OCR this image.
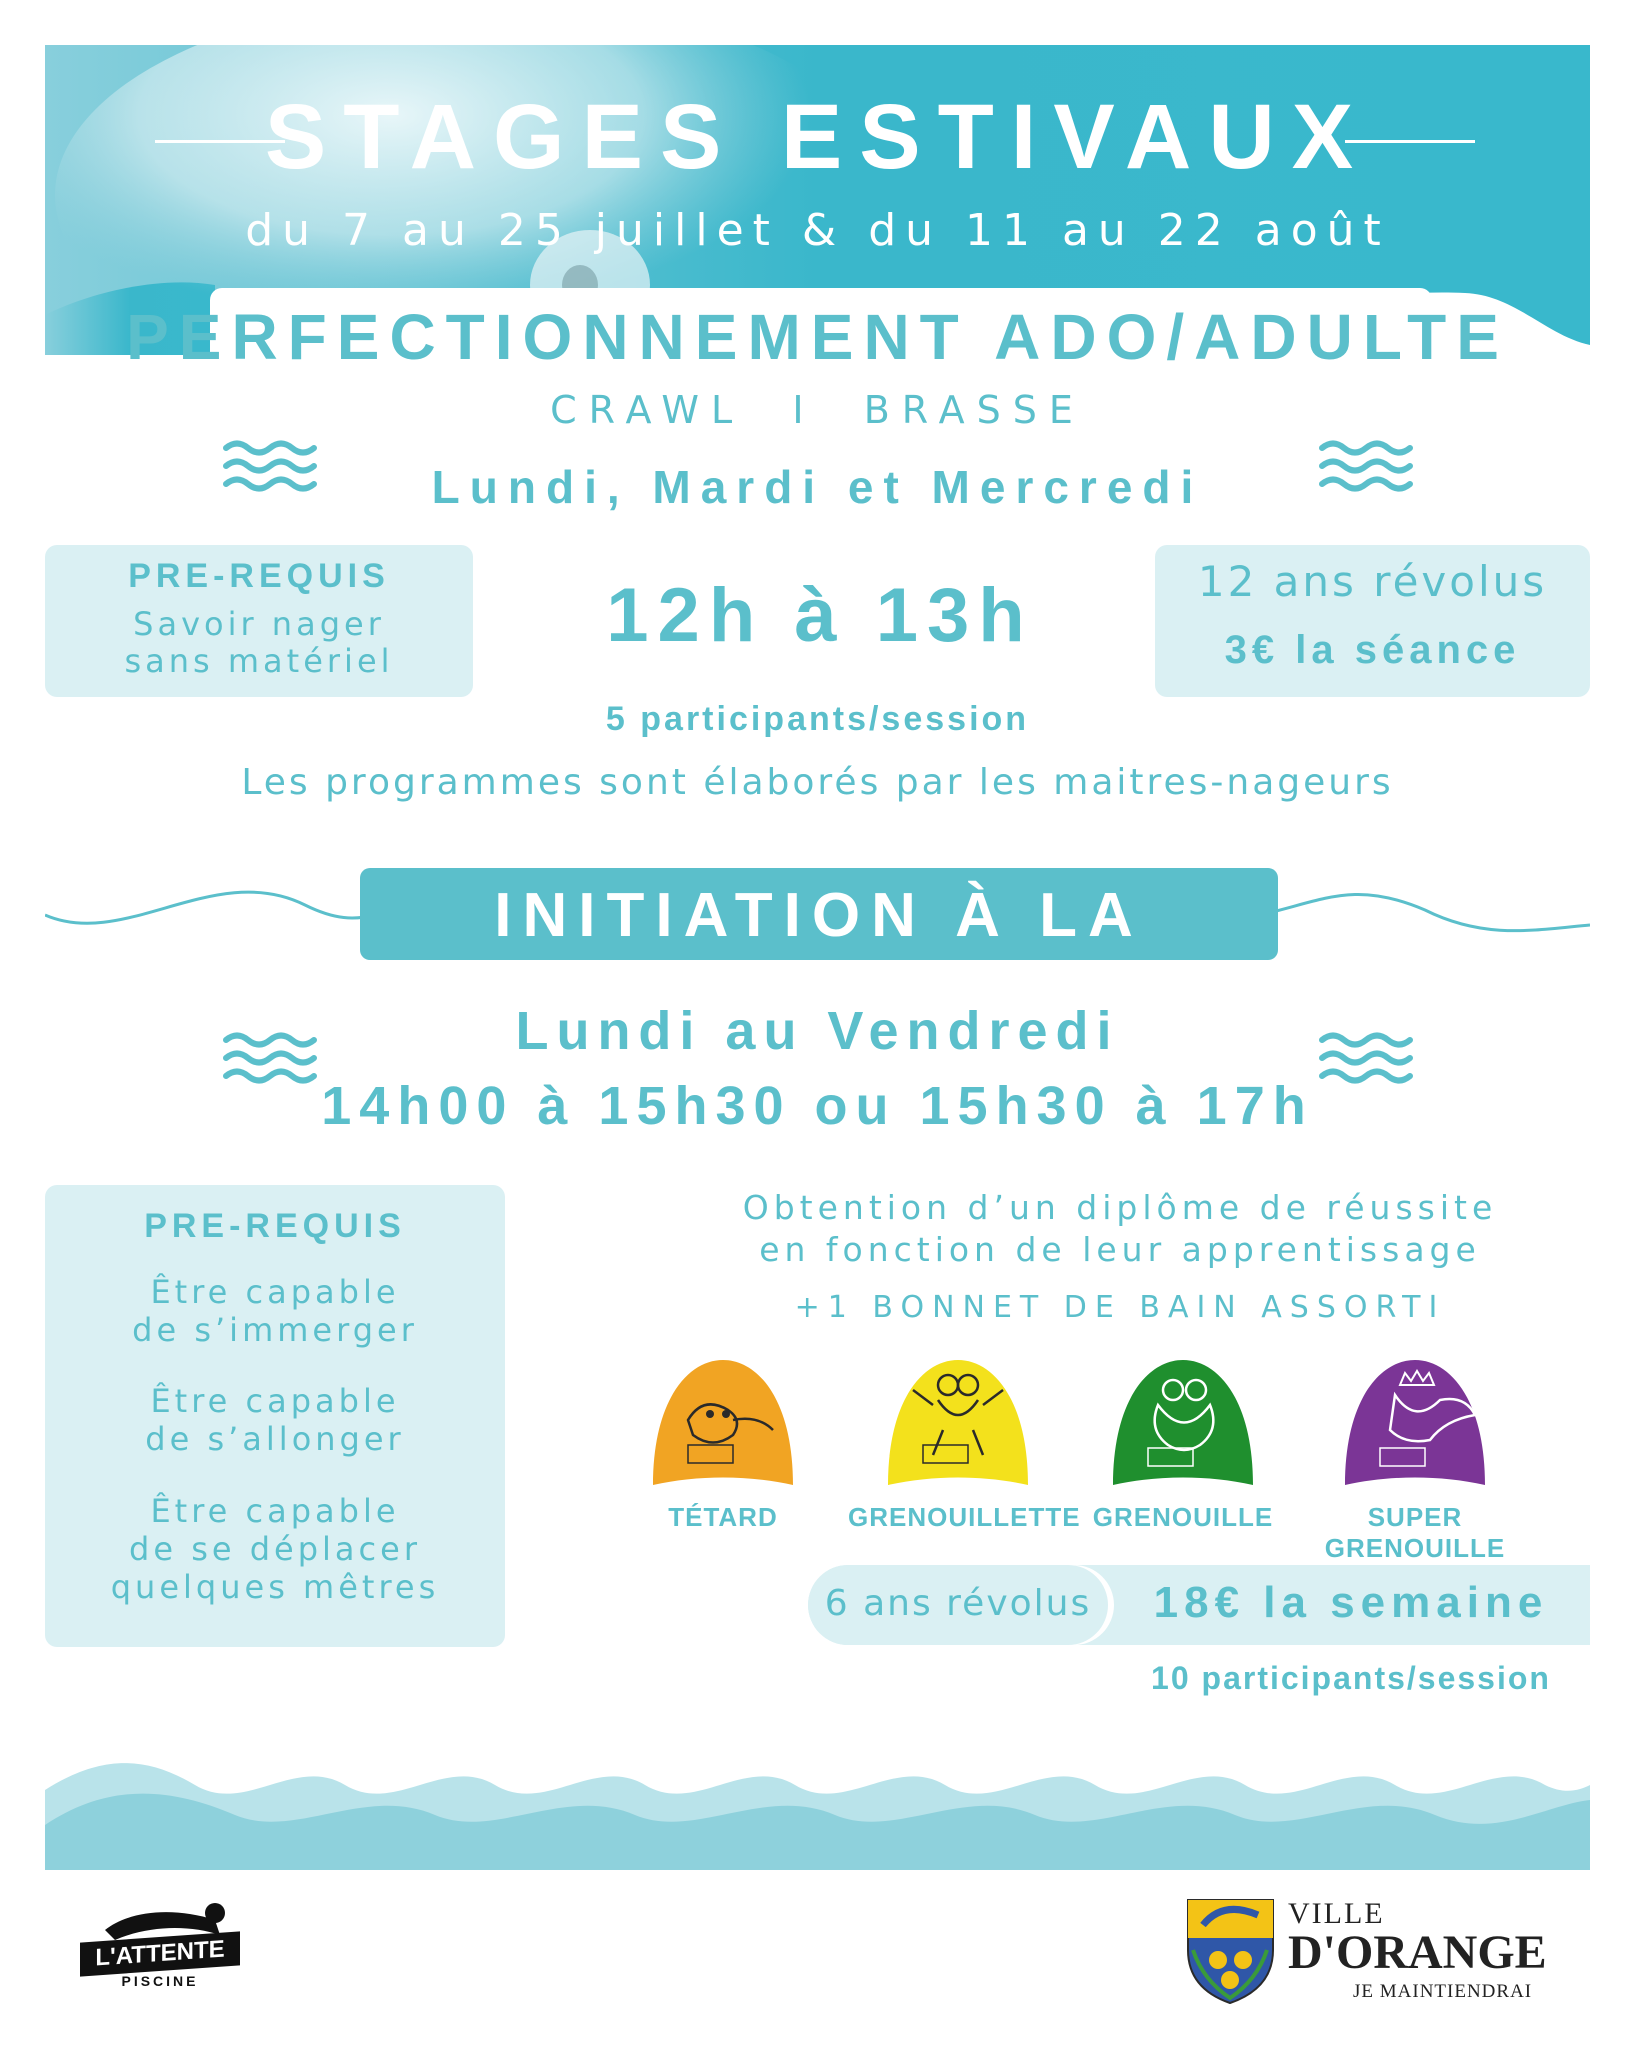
STAGES ESTIVAUX
du 7 au 25 juillet & du 11 au 22 août
PERFECTIONNEMENT ADO/ADULTE
CRAWL  I  BRASSE
Lundi, Mardi et Mercredi
PRE-REQUIS
Savoir nager
sans matériel
12h à 13h	12 ans révolus
3€ la séance
5 participants/session
Les programmes sont élaborés par les maitres-nageurs
INITIATION À LA BRASSE
Lundi au Vendredi
14h00 à 15h30 ou 15h30 à 17h
PRE-REQUIS
Être capable
de s’immerger
Être capable
de s’allonger
Être capable
de se déplacer
quelques mêtres
Obtention d’un diplôme de réussite
en fonction de leur apprentissage
+1 BONNET DE BAIN ASSORTI
TÉTARD	GRENOUILLETTE GRENOUILLE	SUPER GRENOUILLE
6 ans révolus	18€ la semaine
10 participants/session
L'ATTENTE
PISCINE
VILLE
D'ORANGE
JE MAINTIENDRAI
